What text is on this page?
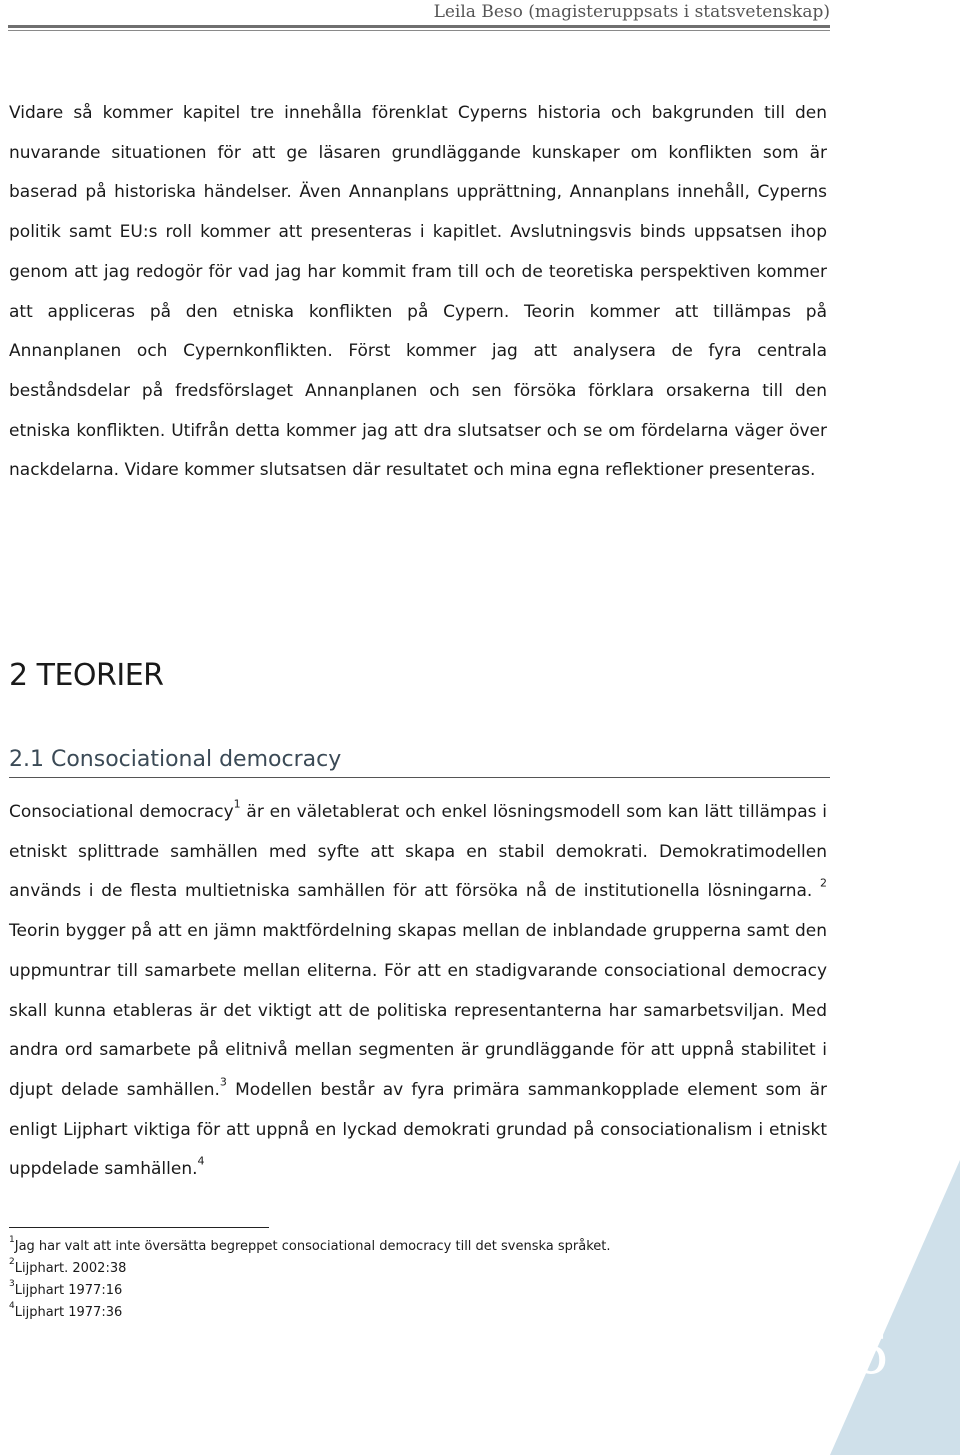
Leila Beso (magisteruppsats i statsvetenskap)

Vidare så kommer kapitel tre innehålla förenklat Cyperns historia och bakgrunden till den nuvarande situationen för att ge läsaren grundläggande kunskaper om konflikten som är baserad på historiska händelser. Även Annanplans upprättning, Annanplans innehåll, Cyperns politik samt EU:s roll kommer att presenteras i kapitlet. Avslutningsvis binds uppsatsen ihop genom att jag redogör för vad jag har kommit fram till och de teoretiska perspektiven kommer att appliceras på den etniska konflikten på Cypern. Teorin kommer att tillämpas på Annanplanen och Cypernkonflikten. Först kommer jag att analysera de fyra centrala beståndsdelar på fredsförslaget Annanplanen och sen försöka förklara orsakerna till den etniska konflikten. Utifrån detta kommer jag att dra slutsatser och se om fördelarna väger över nackdelarna. Vidare kommer slutsatsen där resultatet och mina egna reflektioner presenteras.

2 TEORIER
2.1 Consociational democracy

Consociational democracy$^1$ är en väletablerat och enkel lösningsmodell som kan lätt tillämpas i etniskt splittrade samhällen med syfte att skapa en stabil demokrati. Demokratimodellen används i de flesta multietniska samhällen för att försöka nå de institutionella lösningarna. $^2$ Teorin bygger på att en jämn maktfördelning skapas mellan de inblandade grupperna samt den uppmuntrar till samarbete mellan eliterna. För att en stadigvarande consociational democracy skall kunna etableras är det viktigt att de politiska representanterna har samarbetsviljan. Med andra ord samarbete på elitnivå mellan segmenten är grundläggande för att uppnå stabilitet i djupt delade samhällen.$^3$ Modellen består av fyra primära sammankopplade element som är enligt Lijphart viktiga för att uppnå en lyckad demokrati grundad på consociationalism i etniskt uppdelade samhällen.$^4$

$^1$Jag har valt att inte översätta begreppet consociational democracy till det svenska språket.
$^2$Lijphart. 2002:38
$^3$Lijphart 1977:16
$^4$Lijphart 1977:36
6
